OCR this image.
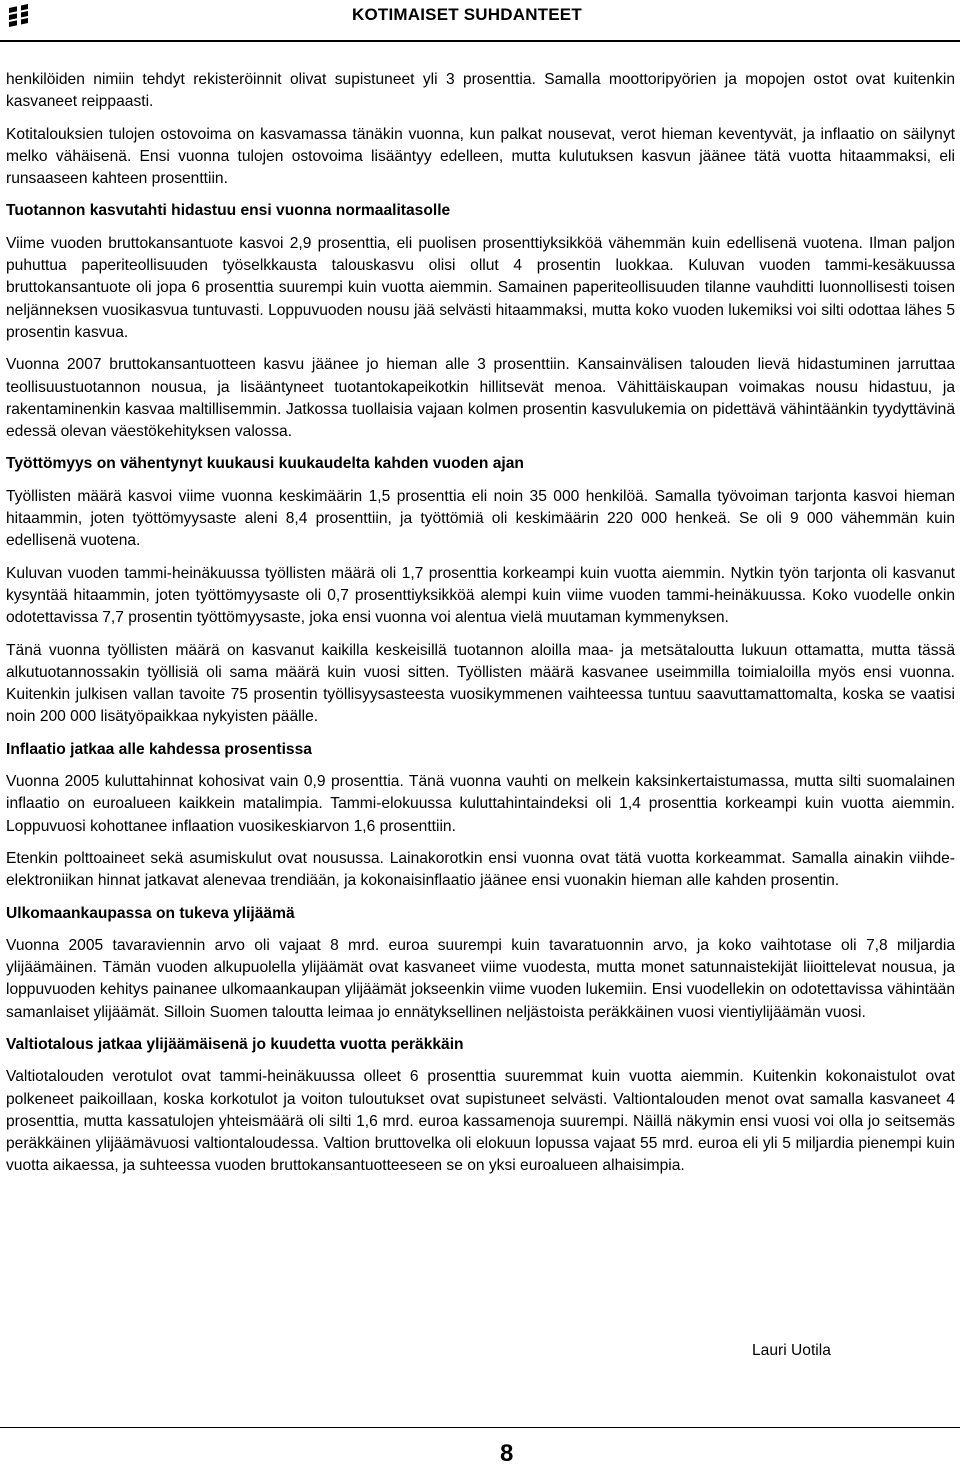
KOTIMAISET SUHDANTEET

henkilöiden nimiin tehdyt rekisteröinnit olivat supistuneet yli 3 prosenttia. Samalla moottoripyörien ja mopojen ostot ovat kuitenkin kasvaneet reippaasti.

Kotitalouksien tulojen ostovoima on kasvamassa tänäkin vuonna, kun palkat nousevat, verot hieman keventyvät, ja inflaatio on säilynyt melko vähäisenä. Ensi vuonna tulojen ostovoima lisääntyy edelleen, mutta kulutuksen kasvun jäänee tätä vuotta hitaammaksi, eli runsaaseen kahteen prosenttiin.

Tuotannon kasvutahti hidastuu ensi vuonna normaalitasolle

Viime vuoden bruttokansantuote kasvoi 2,9 prosenttia, eli puolisen prosenttiyksikköä vähemmän kuin edellisenä vuotena. Ilman paljon puhuttua paperiteollisuuden työselkkausta talouskasvu olisi ollut 4 prosentin luokkaa. Kuluvan vuoden tammi-kesäkuussa bruttokansantuote oli jopa 6 prosenttia suurempi kuin vuotta aiemmin. Samainen paperiteollisuuden tilanne vauhditti luonnollisesti toisen neljänneksen vuosikasvua tuntuvasti. Loppuvuoden nousu jää selvästi hitaammaksi, mutta koko vuoden lukemiksi voi silti odottaa lähes 5 prosentin kasvua.

Vuonna 2007 bruttokansantuotteen kasvu jäänee jo hieman alle 3 prosenttiin. Kansainvälisen talouden lievä hidastuminen jarruttaa teollisuustuotannon nousua, ja lisääntyneet tuotantokapeikotkin hillitsevät menoa. Vähittäiskaupan voimakas nousu hidastuu, ja rakentaminenkin kasvaa maltillisemmin. Jatkossa tuollaisia vajaan kolmen prosentin kasvulukemia on pidettävä vähintäänkin tyydyttävinä edessä olevan väestökehityksen valossa.

Työttömyys on vähentynyt kuukausi kuukaudelta kahden vuoden ajan

Työllisten määrä kasvoi viime vuonna keskimäärin 1,5 prosenttia eli noin 35 000 henkilöä. Samalla työvoiman tarjonta kasvoi hieman hitaammin, joten työttömyysaste aleni 8,4 prosenttiin, ja työttömiä oli keskimäärin 220 000 henkeä. Se oli 9 000 vähemmän kuin edellisenä vuotena.

Kuluvan vuoden tammi-heinäkuussa työllisten määrä oli 1,7 prosenttia korkeampi kuin vuotta aiemmin. Nytkin työn tarjonta oli kasvanut kysyntää hitaammin, joten työttömyysaste oli 0,7 prosenttiyksikköä alempi kuin viime vuoden tammi-heinäkuussa. Koko vuodelle onkin odotettavissa 7,7 prosentin työttömyysaste, joka ensi vuonna voi alentua vielä muutaman kymmenyksen.

Tänä vuonna työllisten määrä on kasvanut kaikilla keskeisillä tuotannon aloilla maa- ja metsätaloutta lukuun ottamatta, mutta tässä alkutuotannossakin työllisiä oli sama määrä kuin vuosi sitten. Työllisten määrä kasvanee useimmilla toimialoilla myös ensi vuonna. Kuitenkin julkisen vallan tavoite 75 prosentin työllisyysasteesta vuosikymmenen vaihteessa tuntuu saavuttamattomalta, koska se vaatisi noin 200 000 lisätyöpaikkaa nykyisten päälle.

Inflaatio jatkaa alle kahdessa prosentissa

Vuonna 2005 kuluttahinnat kohosivat vain 0,9 prosenttia. Tänä vuonna vauhti on melkein kaksinkertaistumassa, mutta silti suomalainen inflaatio on euroalueen kaikkein matalimpia. Tammi-elokuussa kuluttahintaindeksi oli 1,4 prosenttia korkeampi kuin vuotta aiemmin. Loppuvuosi kohottanee inflaation vuosikeskiarvon 1,6 prosenttiin.

Etenkin polttoaineet sekä asumiskulut ovat nousussa. Lainakorotkin ensi vuonna ovat tätä vuotta korkeammat. Samalla ainakin viihde-elektroniikan hinnat jatkavat alenevaa trendiään, ja kokonaisinflaatio jäänee ensi vuonakin hieman alle kahden prosentin.

Ulkomaankaupassa on tukeva ylijäämä

Vuonna 2005 tavaraviennin arvo oli vajaat 8 mrd. euroa suurempi kuin tavaratuonnin arvo, ja koko vaihtotase oli 7,8 miljardia ylijäämäinen. Tämän vuoden alkupuolella ylijäämät ovat kasvaneet viime vuodesta, mutta monet satunnaistekijät liioittelevat nousua, ja loppuvuoden kehitys painanee ulkomaankaupan ylijäämät jokseenkin viime vuoden lukemiin. Ensi vuodellekin on odotettavissa vähintään samanlaiset ylijäämät. Silloin Suomen taloutta leimaa jo ennätyksellinen neljästoista peräkkäinen vuosi vientiylijäämän vuosi.

Valtiotalous jatkaa ylijäämäisenä jo kuudetta vuotta peräkkäin

Valtiotalouden verotulot ovat tammi-heinäkuussa olleet 6 prosenttia suuremmat kuin vuotta aiemmin. Kuitenkin kokonaistulot ovat polkeneet paikoillaan, koska korkotulot ja voiton tuloutukset ovat supistuneet selvästi. Valtiontalouden menot ovat samalla kasvaneet 4 prosenttia, mutta kassatulojen yhteismäärä oli silti 1,6 mrd. euroa kassamenoja suurempi. Näillä näkymin ensi vuosi voi olla jo seitsemäs peräkkäinen ylijäämävuosi valtiontaloudessa. Valtion bruttovelka oli elokuun lopussa vajaat 55 mrd. euroa eli yli 5 miljardia pienempi kuin vuotta aikaessa, ja suhteessa vuoden bruttokansantuotteeseen se on yksi euroalueen alhaisimpia.

Lauri Uotila
8
